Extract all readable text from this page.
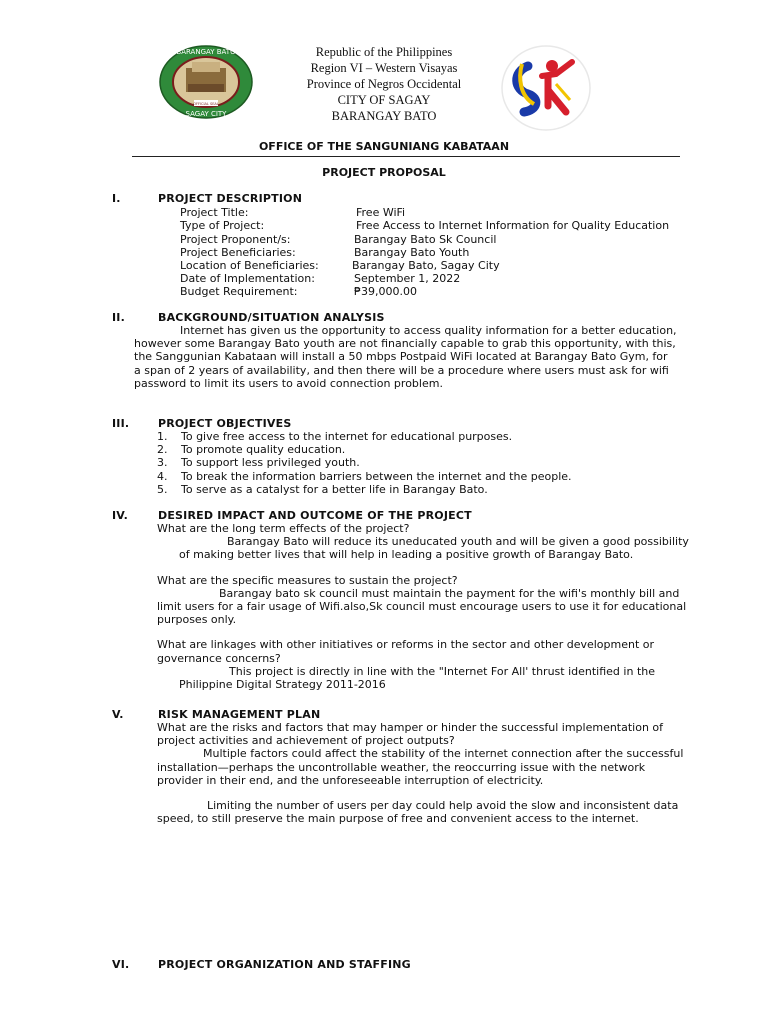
BARANGAY BATO
SAGAY CITY
OFFICIAL SEAL
Republic of the Philippines
Region VI – Western Visayas
Province of Negros Occidental
CITY OF SAGAY
BARANGAY BATO
OFFICE OF THE SANGUNIANG KABATAAN
PROJECT PROPOSAL
I.	PROJECT DESCRIPTION
Project Title:	Free WiFi
Type of Project:	Free Access to Internet Information for Quality Education
Project Proponent/s:	Barangay Bato Sk Council
Project Beneficiaries:	Barangay Bato Youth
Location of Beneficiaries:	Barangay Bato, Sagay City
Date of Implementation:	September 1, 2022
Budget Requirement:	₱39,000.00
II.	BACKGROUND/SITUATION ANALYSIS
Internet has given us the opportunity to access quality information for a better education,
however some Barangay Bato youth are not financially capable to grab this opportunity, with this,
the Sanggunian Kabataan will install a 50 mbps Postpaid WiFi located at Barangay Bato Gym, for
a span of 2 years of availability, and then there will be a procedure where users must ask for wifi
password to limit its users to avoid connection problem.
III.	PROJECT OBJECTIVES
1. To give free access to the internet for educational purposes.
2. To promote quality education.
3. To support less privileged youth.
4. To break the information barriers between the internet and the people.
5. To serve as a catalyst for a better life in Barangay Bato.
IV.	DESIRED IMPACT AND OUTCOME OF THE PROJECT
What are the long term effects of the project?
Barangay Bato will reduce its uneducated youth and will be given a good possibility
of making better lives that will help in leading a positive growth of Barangay Bato.
What are the specific measures to sustain the project?
Barangay bato sk council must maintain the payment for the wifi's monthly bill and
limit users for a fair usage of Wifi.also,Sk council must encourage users to use it for educational
purposes only.
What are linkages with other initiatives or reforms in the sector and other development or
governance concerns?
This project is directly in line with the "Internet For All' thrust identified in the
Philippine Digital Strategy 2011-2016
V.	RISK MANAGEMENT PLAN
What are the risks and factors that may hamper or hinder the successful implementation of
project activities and achievement of project outputs?
Multiple factors could affect the stability of the internet connection after the successful
installation—perhaps the uncontrollable weather, the reoccurring issue with the network
provider in their end, and the unforeseeable interruption of electricity.
Limiting the number of users per day could help avoid the slow and inconsistent data
speed, to still preserve the main purpose of free and convenient access to the internet.
VI.	PROJECT ORGANIZATION AND STAFFING
